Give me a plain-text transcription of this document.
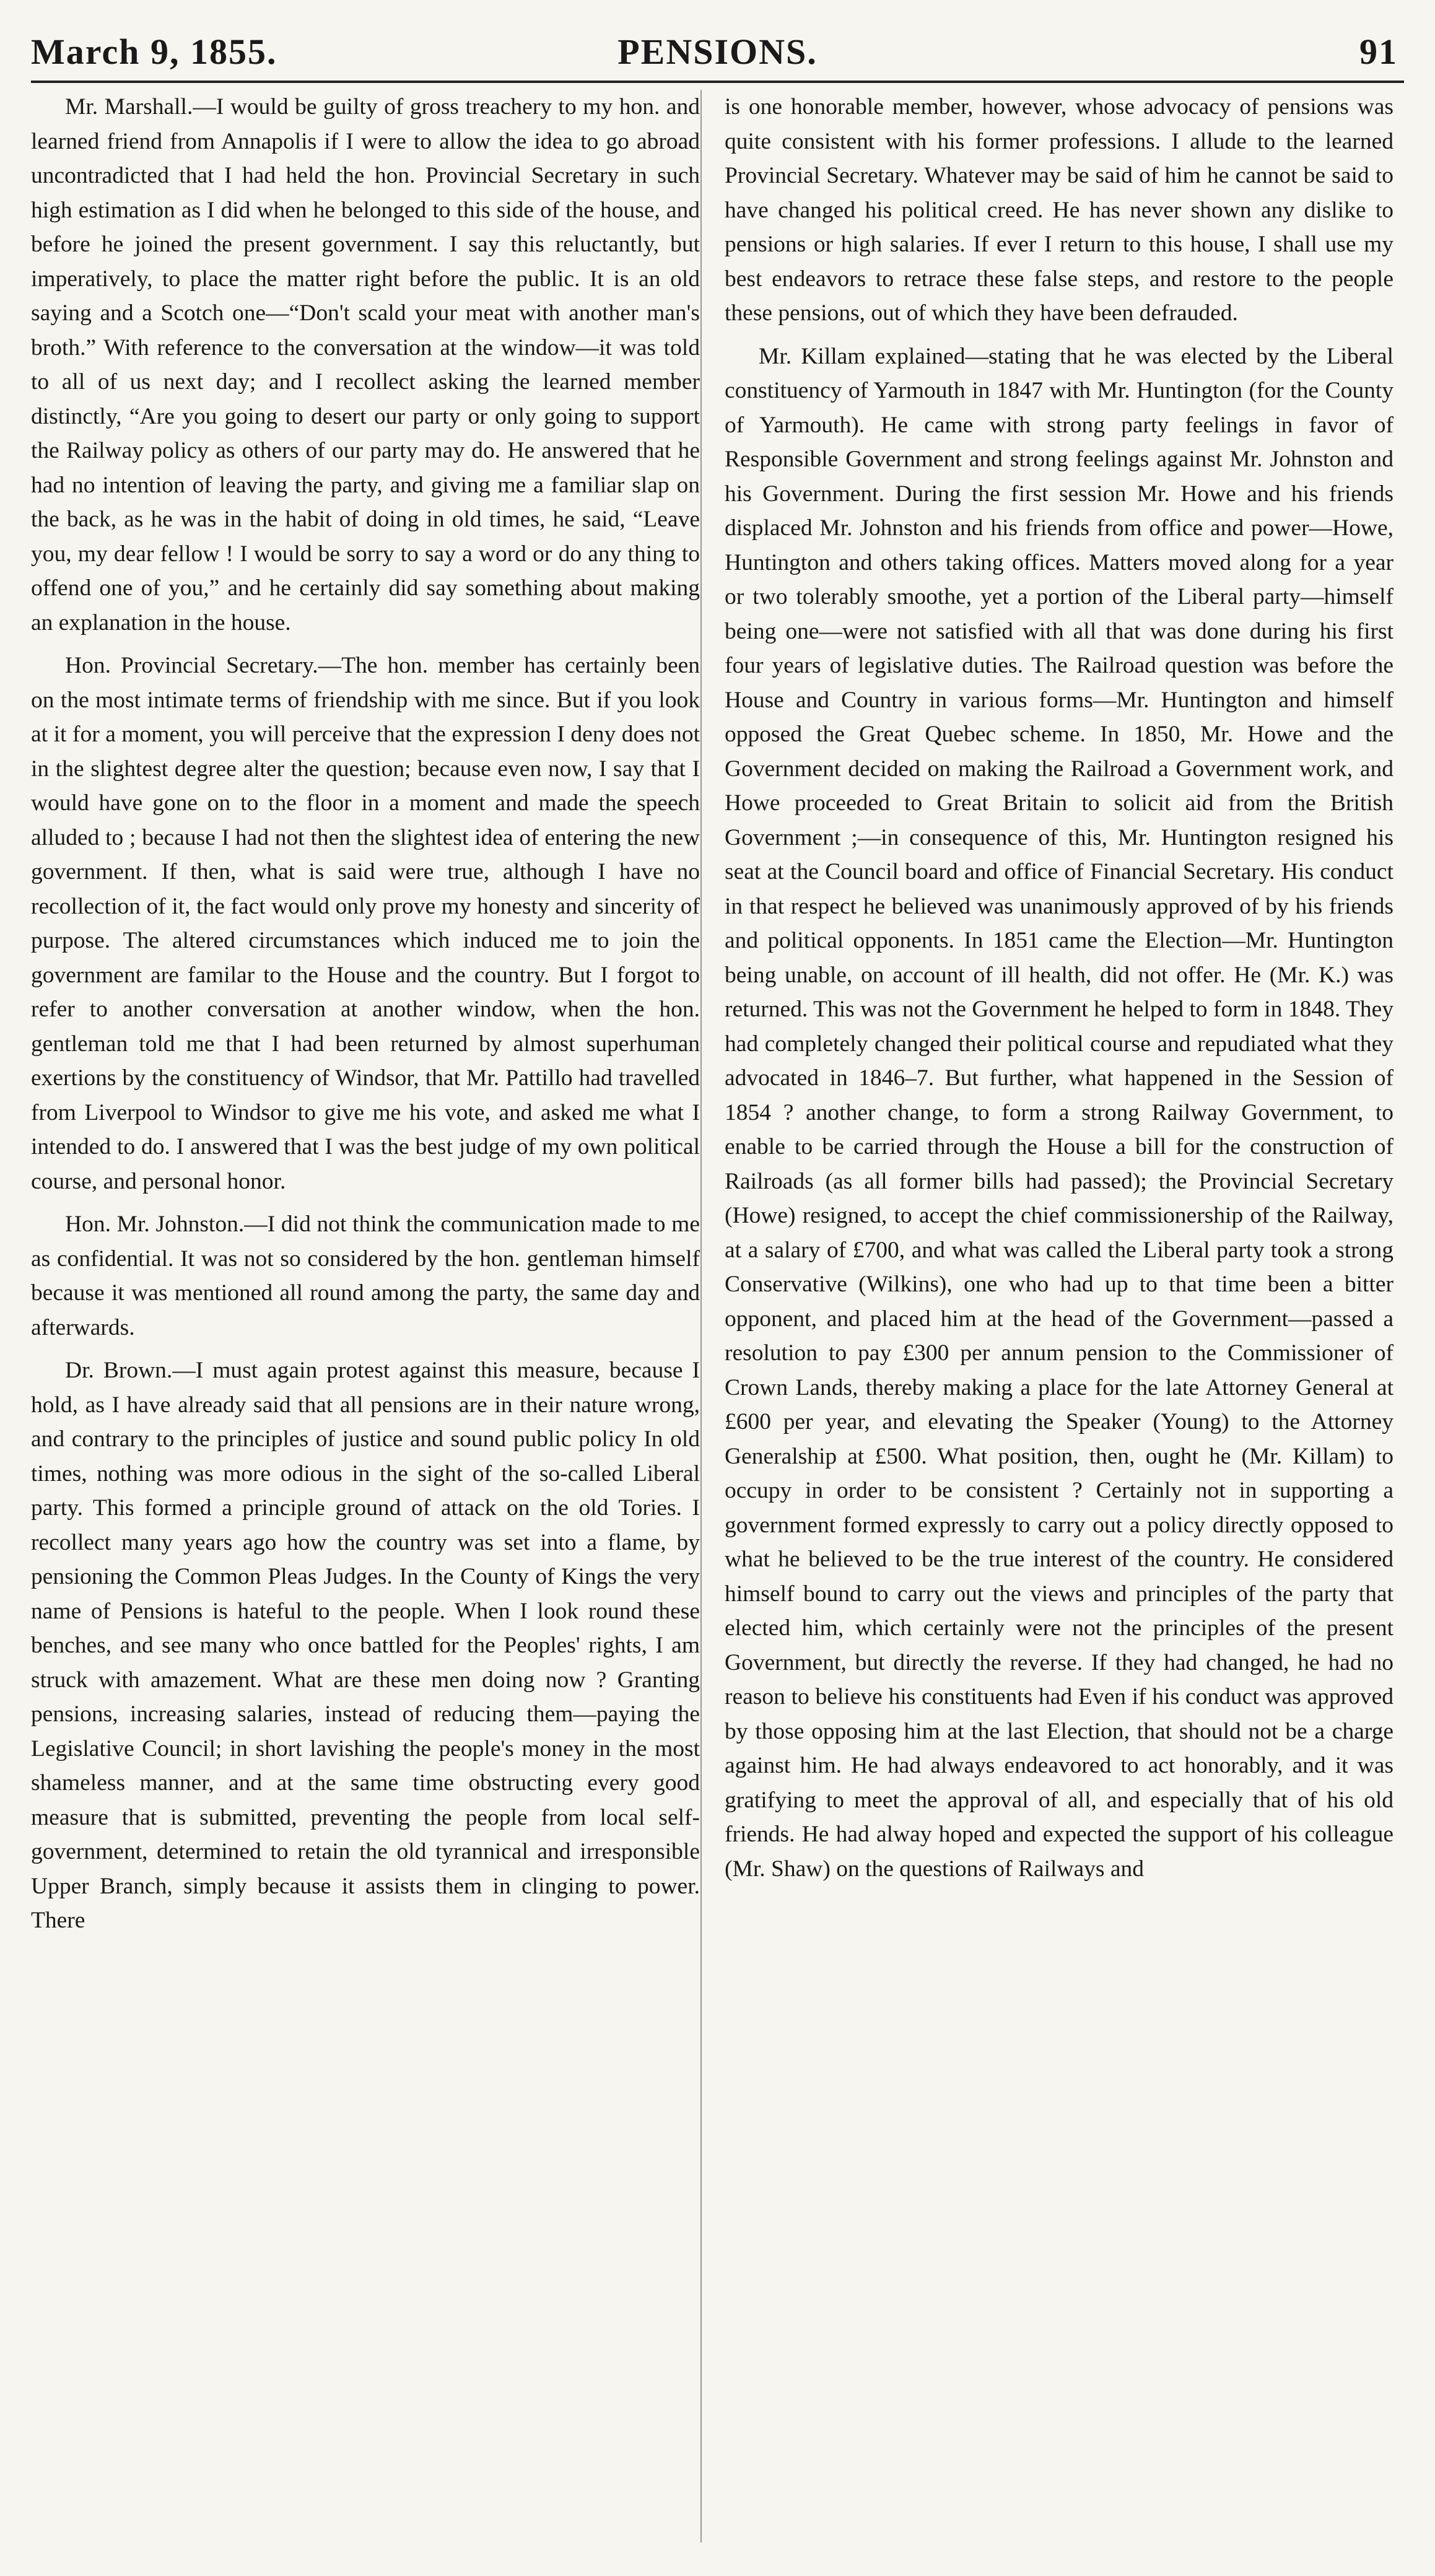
March 9, 1855.	PENSIONS.	91

Mr. Marshall.—I would be guilty of gross treachery to my hon. and learned friend from Annapolis if I were to allow the idea to go abroad uncontradicted that I had held the hon. Provincial Secretary in such high estimation as I did when he belonged to this side of the house, and before he joined the present government. I say this reluctantly, but imperatively, to place the matter right before the public. It is an old saying and a Scotch one—“Don't scald your meat with another man's broth.” With reference to the conversation at the window—it was told to all of us next day; and I recollect asking the learned member distinctly, “Are you going to desert our party or only going to support the Railway policy as others of our party may do. He answered that he had no intention of leaving the party, and giving me a familiar slap on the back, as he was in the habit of doing in old times, he said, “Leave you, my dear fellow ! I would be sorry to say a word or do any thing to offend one of you,” and he certainly did say something about making an explanation in the house.

Hon. Provincial Secretary.—The hon. member has certainly been on the most intimate terms of friendship with me since. But if you look at it for a moment, you will perceive that the expression I deny does not in the slightest degree alter the question; because even now, I say that I would have gone on to the floor in a moment and made the speech alluded to ; because I had not then the slightest idea of entering the new government. If then, what is said were true, although I have no recollection of it, the fact would only prove my honesty and sincerity of purpose. The altered circumstances which induced me to join the government are familar to the House and the country. But I forgot to refer to another conversation at another window, when the hon. gentleman told me that I had been returned by almost superhuman exertions by the constituency of Windsor, that Mr. Pattillo had travelled from Liverpool to Windsor to give me his vote, and asked me what I intended to do. I answered that I was the best judge of my own political course, and personal honor.

Hon. Mr. Johnston.—I did not think the communication made to me as confidential. It was not so considered by the hon. gentleman himself because it was mentioned all round among the party, the same day and afterwards.

Dr. Brown.—I must again protest against this measure, because I hold, as I have already said that all pensions are in their nature wrong, and contrary to the principles of justice and sound public policy In old times, nothing was more odious in the sight of the so-called Liberal party. This formed a principle ground of attack on the old Tories. I recollect many years ago how the country was set into a flame, by pensioning the Common Pleas Judges. In the County of Kings the very name of Pensions is hateful to the people. When I look round these benches, and see many who once battled for the Peoples' rights, I am struck with amazement. What are these men doing now ? Granting pensions, increasing salaries, instead of reducing them—paying the Legislative Council; in short lavishing the people's money in the most shameless manner, and at the same time obstructing every good measure that is submitted, preventing the people from local self-government, determined to retain the old tyrannical and irresponsible Upper Branch, simply because it assists them in clinging to power. There

is one honorable member, however, whose advocacy of pensions was quite consistent with his former professions. I allude to the learned Provincial Secretary. Whatever may be said of him he cannot be said to have changed his political creed. He has never shown any dislike to pensions or high salaries. If ever I return to this house, I shall use my best endeavors to retrace these false steps, and restore to the people these pensions, out of which they have been defrauded.

Mr. Killam explained—stating that he was elected by the Liberal constituency of Yarmouth in 1847 with Mr. Huntington (for the County of Yarmouth). He came with strong party feelings in favor of Responsible Government and strong feelings against Mr. Johnston and his Government. During the first session Mr. Howe and his friends displaced Mr. Johnston and his friends from office and power—Howe, Huntington and others taking offices. Matters moved along for a year or two tolerably smoothe, yet a portion of the Liberal party—himself being one—were not satisfied with all that was done during his first four years of legislative duties. The Railroad question was before the House and Country in various forms—Mr. Huntington and himself opposed the Great Quebec scheme. In 1850, Mr. Howe and the Government decided on making the Railroad a Government work, and Howe proceeded to Great Britain to solicit aid from the British Government ;—in consequence of this, Mr. Huntington resigned his seat at the Council board and office of Financial Secretary. His conduct in that respect he believed was unanimously approved of by his friends and political opponents. In 1851 came the Election—Mr. Huntington being unable, on account of ill health, did not offer. He (Mr. K.) was returned. This was not the Government he helped to form in 1848. They had completely changed their political course and repudiated what they advocated in 1846–7. But further, what happened in the Session of 1854 ? another change, to form a strong Railway Government, to enable to be carried through the House a bill for the construction of Railroads (as all former bills had passed); the Provincial Secretary (Howe) resigned, to accept the chief commissionership of the Railway, at a salary of £700, and what was called the Liberal party took a strong Conservative (Wilkins), one who had up to that time been a bitter opponent, and placed him at the head of the Government—passed a resolution to pay £300 per annum pension to the Commissioner of Crown Lands, thereby making a place for the late Attorney General at £600 per year, and elevating the Speaker (Young) to the Attorney Generalship at £500. What position, then, ought he (Mr. Killam) to occupy in order to be consistent ? Certainly not in supporting a government formed expressly to carry out a policy directly opposed to what he believed to be the true interest of the country. He considered himself bound to carry out the views and principles of the party that elected him, which certainly were not the principles of the present Government, but directly the reverse. If they had changed, he had no reason to believe his constituents had Even if his conduct was approved by those opposing him at the last Election, that should not be a charge against him. He had always endeavored to act honorably, and it was gratifying to meet the approval of all, and especially that of his old friends. He had alway hoped and expected the support of his colleague (Mr. Shaw) on the questions of Railways and
